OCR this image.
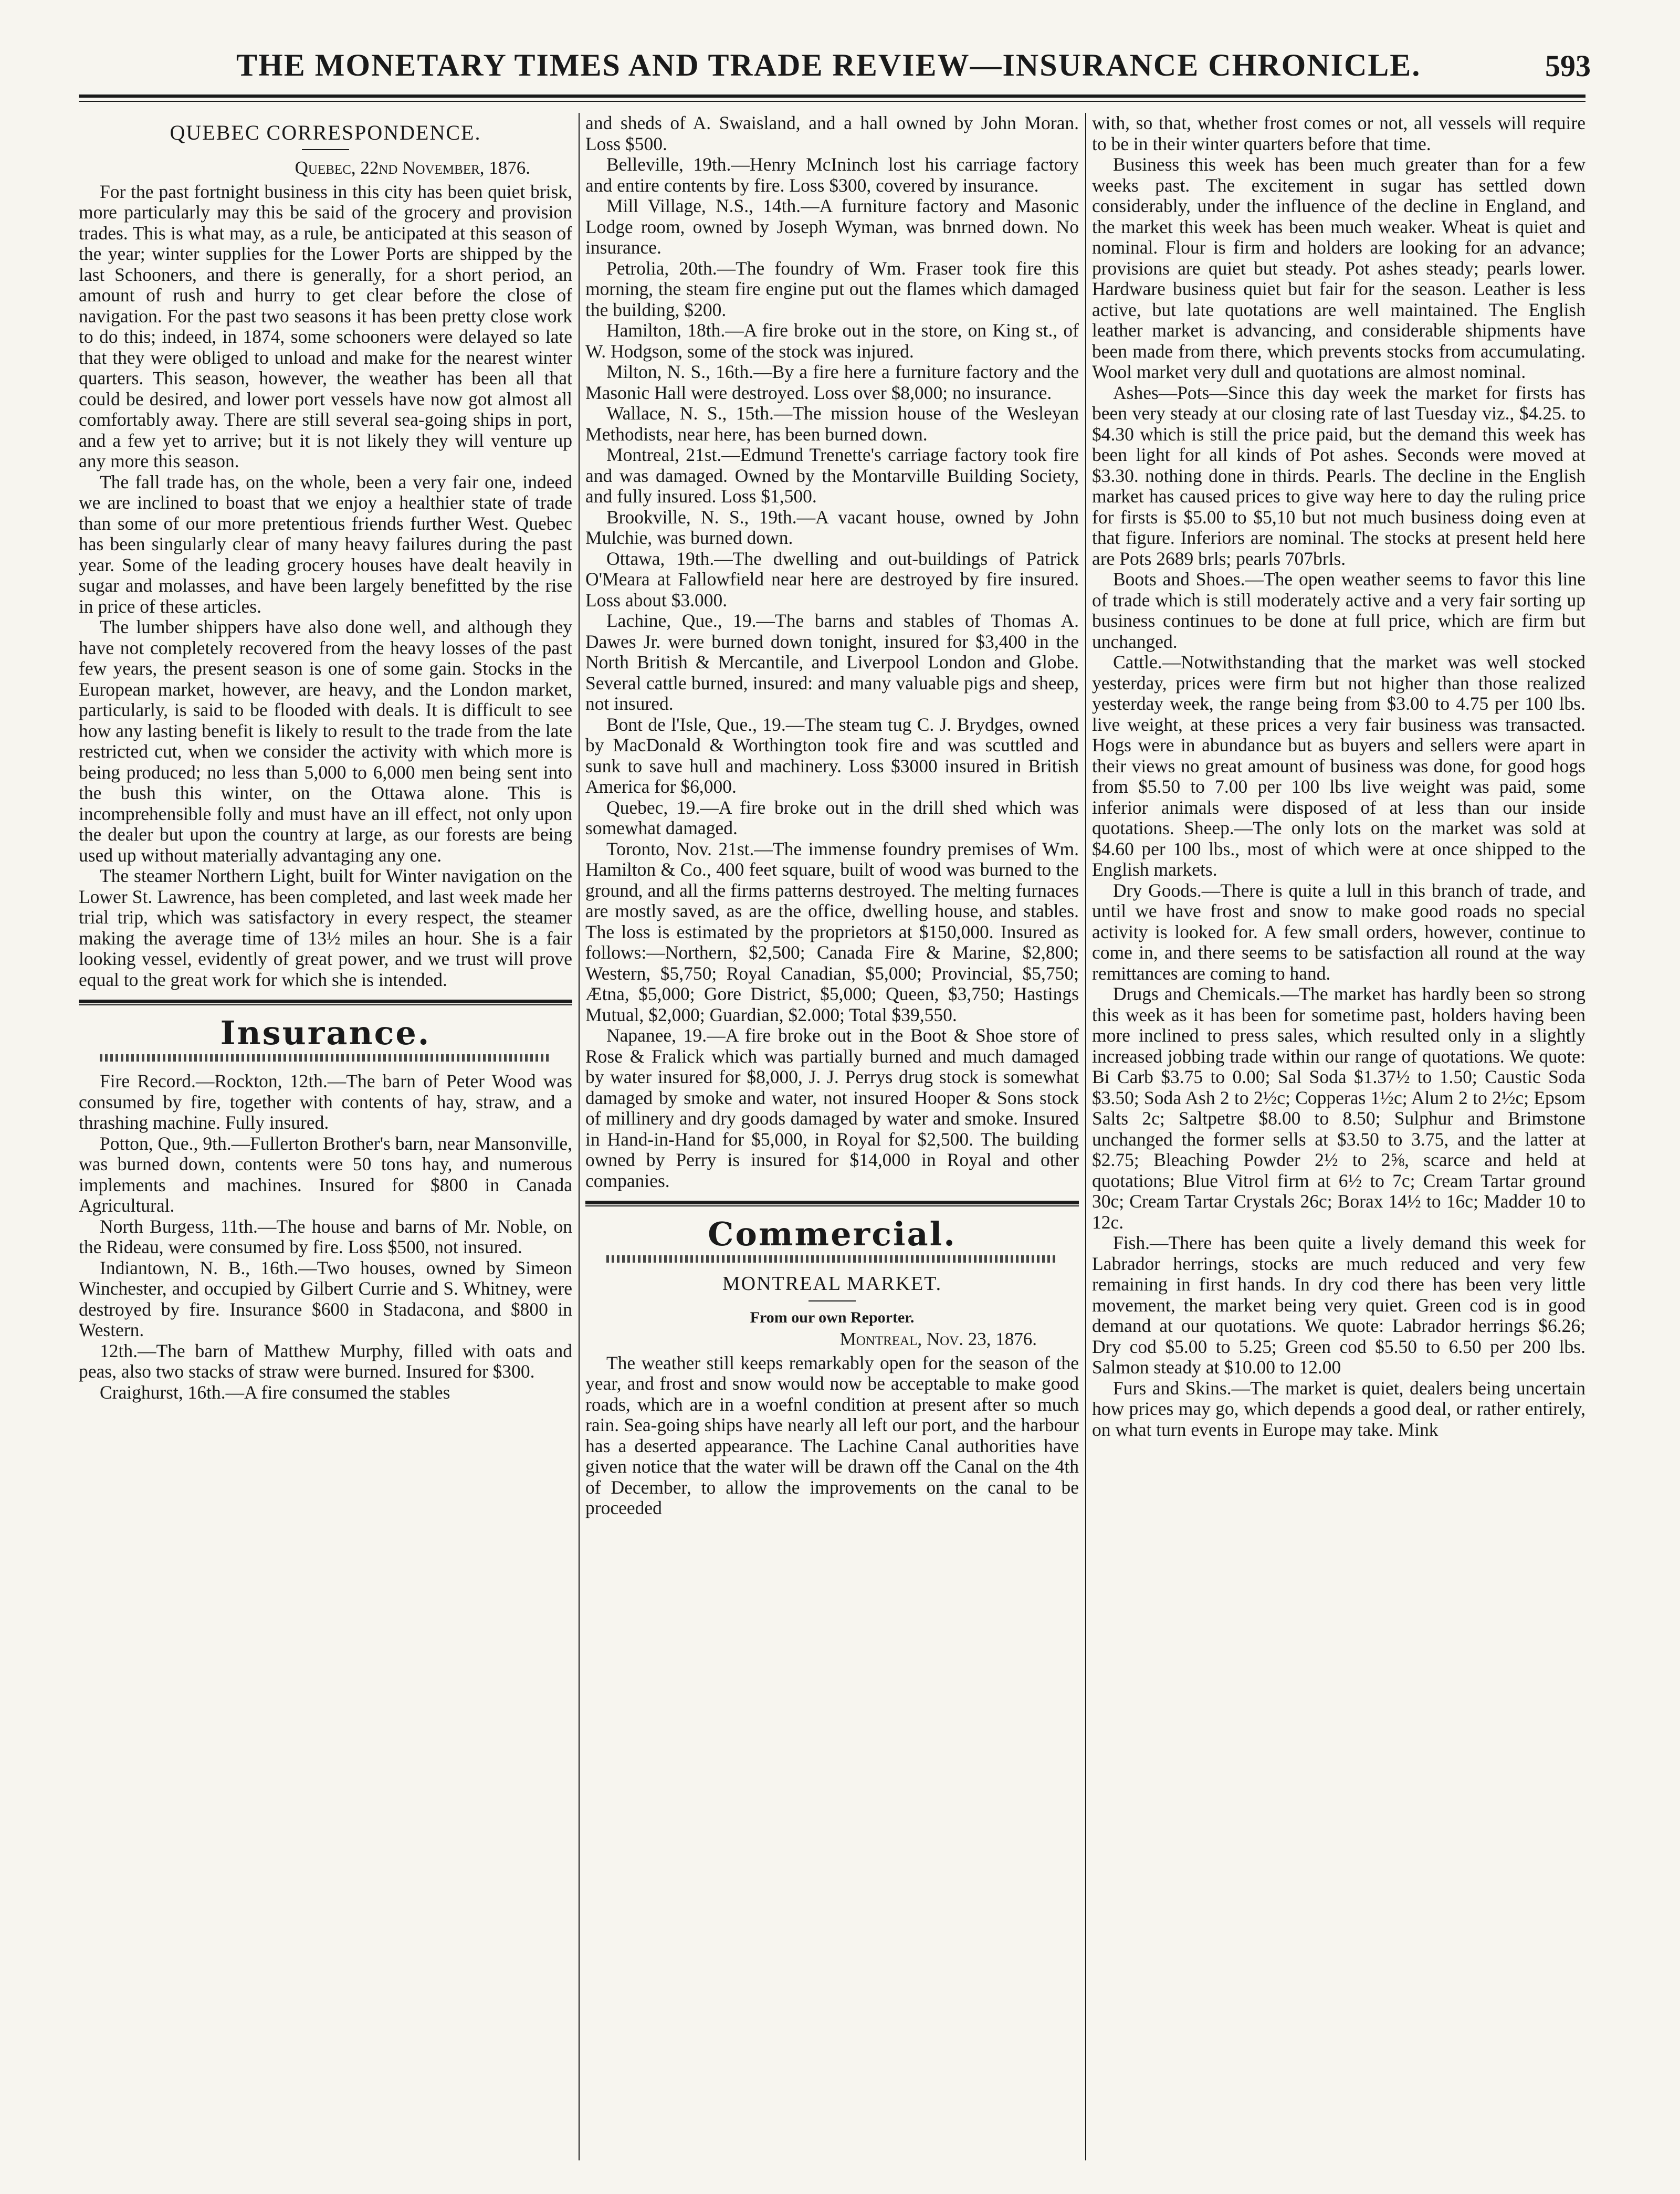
THE MONETARY TIMES AND TRADE REVIEW—INSURANCE CHRONICLE.	593
QUEBEC CORRESPONDENCE.

Quebec, 22nd November, 1876.

For the past fortnight business in this city has been quiet brisk, more particularly may this be said of the grocery and provision trades. This is what may, as a rule, be anticipated at this season of the year; winter supplies for the Lower Ports are shipped by the last Schooners, and there is generally, for a short period, an amount of rush and hurry to get clear before the close of navigation. For the past two seasons it has been pretty close work to do this; indeed, in 1874, some schooners were delayed so late that they were obliged to unload and make for the nearest winter quarters. This season, however, the weather has been all that could be desired, and lower port vessels have now got almost all comfortably away. There are still several sea-going ships in port, and a few yet to arrive; but it is not likely they will venture up any more this season.

The fall trade has, on the whole, been a very fair one, indeed we are inclined to boast that we enjoy a healthier state of trade than some of our more pretentious friends further West. Quebec has been singularly clear of many heavy failures during the past year. Some of the leading grocery houses have dealt heavily in sugar and molasses, and have been largely benefitted by the rise in price of these articles.

The lumber shippers have also done well, and although they have not completely recovered from the heavy losses of the past few years, the present season is one of some gain. Stocks in the European market, however, are heavy, and the London market, particularly, is said to be flooded with deals. It is difficult to see how any lasting benefit is likely to result to the trade from the late restricted cut, when we consider the activity with which more is being produced; no less than 5,000 to 6,000 men being sent into the bush this winter, on the Ottawa alone. This is incomprehensible folly and must have an ill effect, not only upon the dealer but upon the country at large, as our forests are being used up without materially advantaging any one.

The steamer Northern Light, built for Winter navigation on the Lower St. Lawrence, has been completed, and last week made her trial trip, which was satisfactory in every respect, the steamer making the average time of 13½ miles an hour. She is a fair looking vessel, evidently of great power, and we trust will prove equal to the great work for which she is intended.

Insurance.

Fire Record.—Rockton, 12th.—The barn of Peter Wood was consumed by fire, together with contents of hay, straw, and a thrashing machine. Fully insured.

Potton, Que., 9th.—Fullerton Brother's barn, near Mansonville, was burned down, contents were 50 tons hay, and numerous implements and machines. Insured for $800 in Canada Agricultural.

North Burgess, 11th.—The house and barns of Mr. Noble, on the Rideau, were consumed by fire. Loss $500, not insured.

Indiantown, N. B., 16th.—Two houses, owned by Simeon Winchester, and occupied by Gilbert Currie and S. Whitney, were destroyed by fire. Insurance $600 in Stadacona, and $800 in Western.

12th.—The barn of Matthew Murphy, filled with oats and peas, also two stacks of straw were burned. Insured for $300.

Craighurst, 16th.—A fire consumed the stables

and sheds of A. Swaisland, and a hall owned by John Moran. Loss $500.

Belleville, 19th.—Henry McIninch lost his carriage factory and entire contents by fire. Loss $300, covered by insurance.

Mill Village, N.S., 14th.—A furniture factory and Masonic Lodge room, owned by Joseph Wyman, was bnrned down. No insurance.

Petrolia, 20th.—The foundry of Wm. Fraser took fire this morning, the steam fire engine put out the flames which damaged the building, $200.

Hamilton, 18th.—A fire broke out in the store, on King st., of W. Hodgson, some of the stock was injured.

Milton, N. S., 16th.—By a fire here a furniture factory and the Masonic Hall were destroyed. Loss over $8,000; no insurance.

Wallace, N. S., 15th.—The mission house of the Wesleyan Methodists, near here, has been burned down.

Montreal, 21st.—Edmund Trenette's carriage factory took fire and was damaged. Owned by the Montarville Building Society, and fully insured. Loss $1,500.

Brookville, N. S., 19th.—A vacant house, owned by John Mulchie, was burned down.

Ottawa, 19th.—The dwelling and out-buildings of Patrick O'Meara at Fallowfield near here are destroyed by fire insured. Loss about $3.000.

Lachine, Que., 19.—The barns and stables of Thomas A. Dawes Jr. were burned down tonight, insured for $3,400 in the North British & Mercantile, and Liverpool London and Globe. Several cattle burned, insured: and many valuable pigs and sheep, not insured.

Bont de l'Isle, Que., 19.—The steam tug C. J. Brydges, owned by MacDonald & Worthington took fire and was scuttled and sunk to save hull and machinery. Loss $3000 insured in British America for $6,000.

Quebec, 19.—A fire broke out in the drill shed which was somewhat damaged.

Toronto, Nov. 21st.—The immense foundry premises of Wm. Hamilton & Co., 400 feet square, built of wood was burned to the ground, and all the firms patterns destroyed. The melting furnaces are mostly saved, as are the office, dwelling house, and stables. The loss is estimated by the proprietors at $150,000. Insured as follows:—Northern, $2,500; Canada Fire & Marine, $2,800; Western, $5,750; Royal Canadian, $5,000; Provincial, $5,750; Ætna, $5,000; Gore District, $5,000; Queen, $3,750; Hastings Mutual, $2,000; Guardian, $2.000; Total $39,550.

Napanee, 19.—A fire broke out in the Boot & Shoe store of Rose & Fralick which was partially burned and much damaged by water insured for $8,000, J. J. Perrys drug stock is somewhat damaged by smoke and water, not insured Hooper & Sons stock of millinery and dry goods damaged by water and smoke. Insured in Hand-in-Hand for $5,000, in Royal for $2,500. The building owned by Perry is insured for $14,000 in Royal and other companies.

Commercial.
MONTREAL MARKET.
From our own Reporter.

Montreal, Nov. 23, 1876.

The weather still keeps remarkably open for the season of the year, and frost and snow would now be acceptable to make good roads, which are in a woefnl condition at present after so much rain. Sea-going ships have nearly all left our port, and the harbour has a deserted appearance. The Lachine Canal authorities have given notice that the water will be drawn off the Canal on the 4th of December, to allow the improvements on the canal to be proceeded

with, so that, whether frost comes or not, all vessels will require to be in their winter quarters before that time.

Business this week has been much greater than for a few weeks past. The excitement in sugar has settled down considerably, under the influence of the decline in England, and the market this week has been much weaker. Wheat is quiet and nominal. Flour is firm and holders are looking for an advance; provisions are quiet but steady. Pot ashes steady; pearls lower. Hardware business quiet but fair for the season. Leather is less active, but late quotations are well maintained. The English leather market is advancing, and considerable shipments have been made from there, which prevents stocks from accumulating. Wool market very dull and quotations are almost nominal.

Ashes—Pots—Since this day week the market for firsts has been very steady at our closing rate of last Tuesday viz., $4.25. to $4.30 which is still the price paid, but the demand this week has been light for all kinds of Pot ashes. Seconds were moved at $3.30. nothing done in thirds. Pearls. The decline in the English market has caused prices to give way here to day the ruling price for firsts is $5.00 to $5,10 but not much business doing even at that figure. Inferiors are nominal. The stocks at present held here are Pots 2689 brls; pearls 707brls.

Boots and Shoes.—The open weather seems to favor this line of trade which is still moderately active and a very fair sorting up business continues to be done at full price, which are firm but unchanged.

Cattle.—Notwithstanding that the market was well stocked yesterday, prices were firm but not higher than those realized yesterday week, the range being from $3.00 to 4.75 per 100 lbs. live weight, at these prices a very fair business was transacted. Hogs were in abundance but as buyers and sellers were apart in their views no great amount of business was done, for good hogs from $5.50 to 7.00 per 100 lbs live weight was paid, some inferior animals were disposed of at less than our inside quotations. Sheep.—The only lots on the market was sold at $4.60 per 100 lbs., most of which were at once shipped to the English markets.

Dry Goods.—There is quite a lull in this branch of trade, and until we have frost and snow to make good roads no special activity is looked for. A few small orders, however, continue to come in, and there seems to be satisfaction all round at the way remittances are coming to hand.

Drugs and Chemicals.—The market has hardly been so strong this week as it has been for sometime past, holders having been more inclined to press sales, which resulted only in a slightly increased jobbing trade within our range of quotations. We quote: Bi Carb $3.75 to 0.00; Sal Soda $1.37½ to 1.50; Caustic Soda $3.50; Soda Ash 2 to 2½c; Copperas 1½c; Alum 2 to 2½c; Epsom Salts 2c; Saltpetre $8.00 to 8.50; Sulphur and Brimstone unchanged the former sells at $3.50 to 3.75, and the latter at $2.75; Bleaching Powder 2½ to 2⅝, scarce and held at quotations; Blue Vitrol firm at 6½ to 7c; Cream Tartar ground 30c; Cream Tartar Crystals 26c; Borax 14½ to 16c; Madder 10 to 12c.

Fish.—There has been quite a lively demand this week for Labrador herrings, stocks are much reduced and very few remaining in first hands. In dry cod there has been very little movement, the market being very quiet. Green cod is in good demand at our quotations. We quote: Labrador herrings $6.26; Dry cod $5.00 to 5.25; Green cod $5.50 to 6.50 per 200 lbs. Salmon steady at $10.00 to 12.00

Furs and Skins.—The market is quiet, dealers being uncertain how prices may go, which depends a good deal, or rather entirely, on what turn events in Europe may take. Mink
